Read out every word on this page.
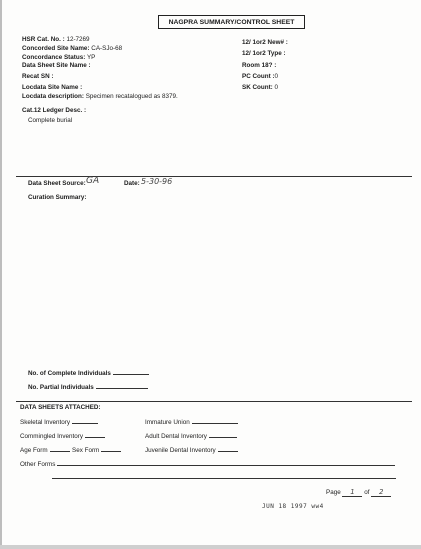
NAGPRA SUMMARY/CONTROL SHEET
HSR Cat. No. : 12-7269
Concorded Site Name: CA-SJo-68
Concordance Status: YP
Data Sheet Site Name :
Recat SN :
Locdata Site Name :
Locdata description: Specimen recatalogued as 8379.
12/ 1or2 New# :
12/ 1or2 Type :
Room 18? :
PC Count :0
SK Count: 0
Cat.12 Ledger Desc. :
Complete burial
Data Sheet Source: GA	Date: 5-30-96
Curation Summary:
No. of Complete Individuals
No. Partial Individuals
DATA SHEETS ATTACHED:
Skeletal Inventory	Immature Union
Commingled Inventory	Adult Dental Inventory
Age Form	Sex Form	Juvenile Dental Inventory
Other Forms
Page 1 of 2
JUN 18 1997 ww4
